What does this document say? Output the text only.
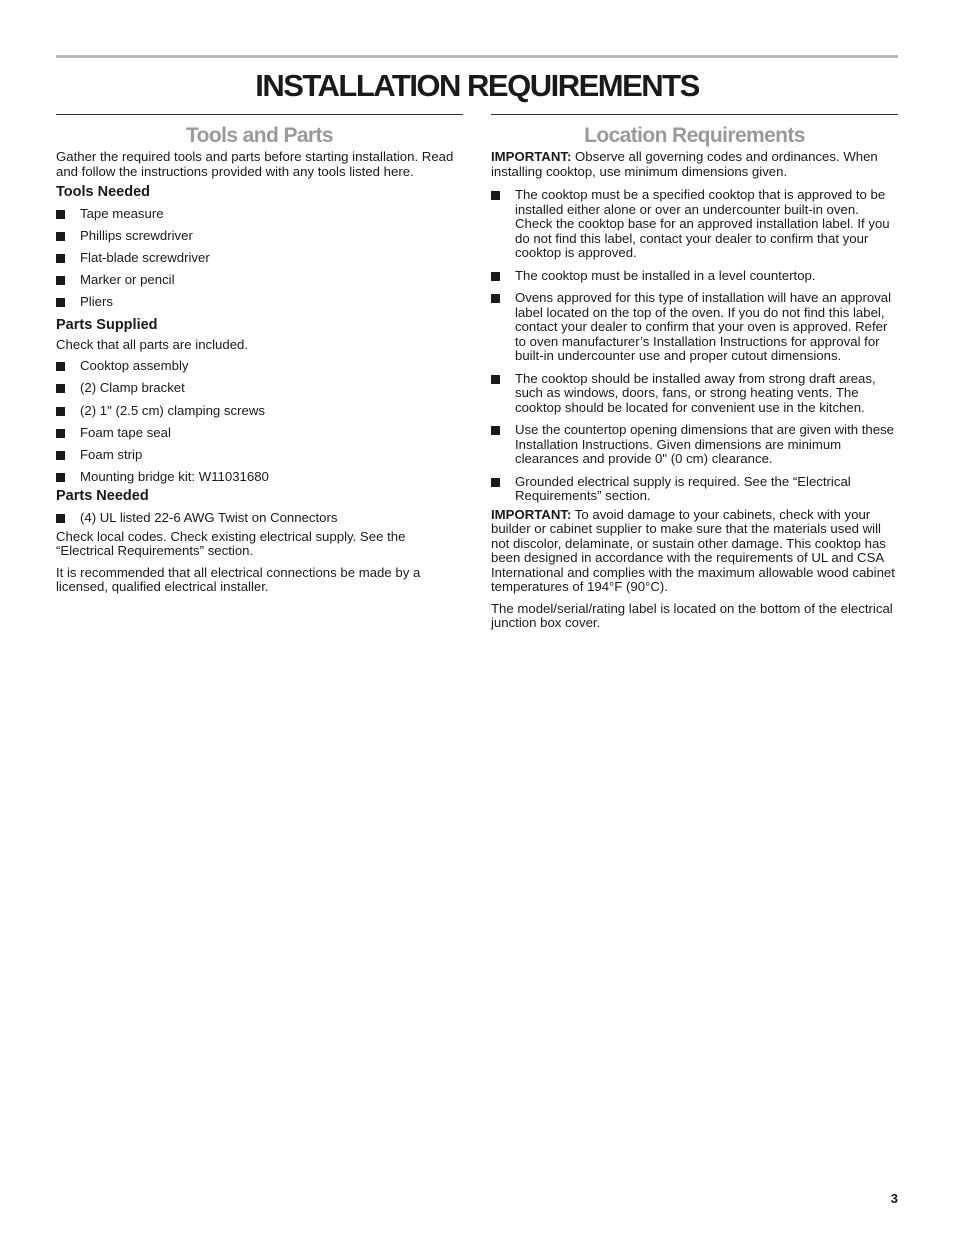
INSTALLATION REQUIREMENTS
Tools and Parts

Gather the required tools and parts before starting installation. Read and follow the instructions provided with any tools listed here.

Tools Needed
Tape measure
Phillips screwdriver
Flat-blade screwdriver
Marker or pencil
Pliers
Parts Supplied

Check that all parts are included.

Cooktop assembly
(2) Clamp bracket
(2) 1" (2.5 cm) clamping screws
Foam tape seal
Foam strip
Mounting bridge kit: W11031680
Parts Needed
(4) UL listed 22-6 AWG Twist on Connectors

Check local codes. Check existing electrical supply. See the “Electrical Requirements” section.

It is recommended that all electrical connections be made by a licensed, qualified electrical installer.

Location Requirements

IMPORTANT: Observe all governing codes and ordinances. When installing cooktop, use minimum dimensions given.

The cooktop must be a specified cooktop that is approved to be installed either alone or over an undercounter built-in oven. Check the cooktop base for an approved installation label. If you do not find this label, contact your dealer to confirm that your cooktop is approved.
The cooktop must be installed in a level countertop.
Ovens approved for this type of installation will have an approval label located on the top of the oven. If you do not find this label, contact your dealer to confirm that your oven is approved. Refer to oven manufacturer’s Installation Instructions for approval for built-in undercounter use and proper cutout dimensions.
The cooktop should be installed away from strong draft areas, such as windows, doors, fans, or strong heating vents. The cooktop should be located for convenient use in the kitchen.
Use the countertop opening dimensions that are given with these Installation Instructions. Given dimensions are minimum clearances and provide 0" (0 cm) clearance.
Grounded electrical supply is required. See the “Electrical Requirements” section.

IMPORTANT: To avoid damage to your cabinets, check with your builder or cabinet supplier to make sure that the materials used will not discolor, delaminate, or sustain other damage. This cooktop has been designed in accordance with the requirements of UL and CSA International and complies with the maximum allowable wood cabinet temperatures of 194°F (90°C).

The model/serial/rating label is located on the bottom of the electrical junction box cover.

3
